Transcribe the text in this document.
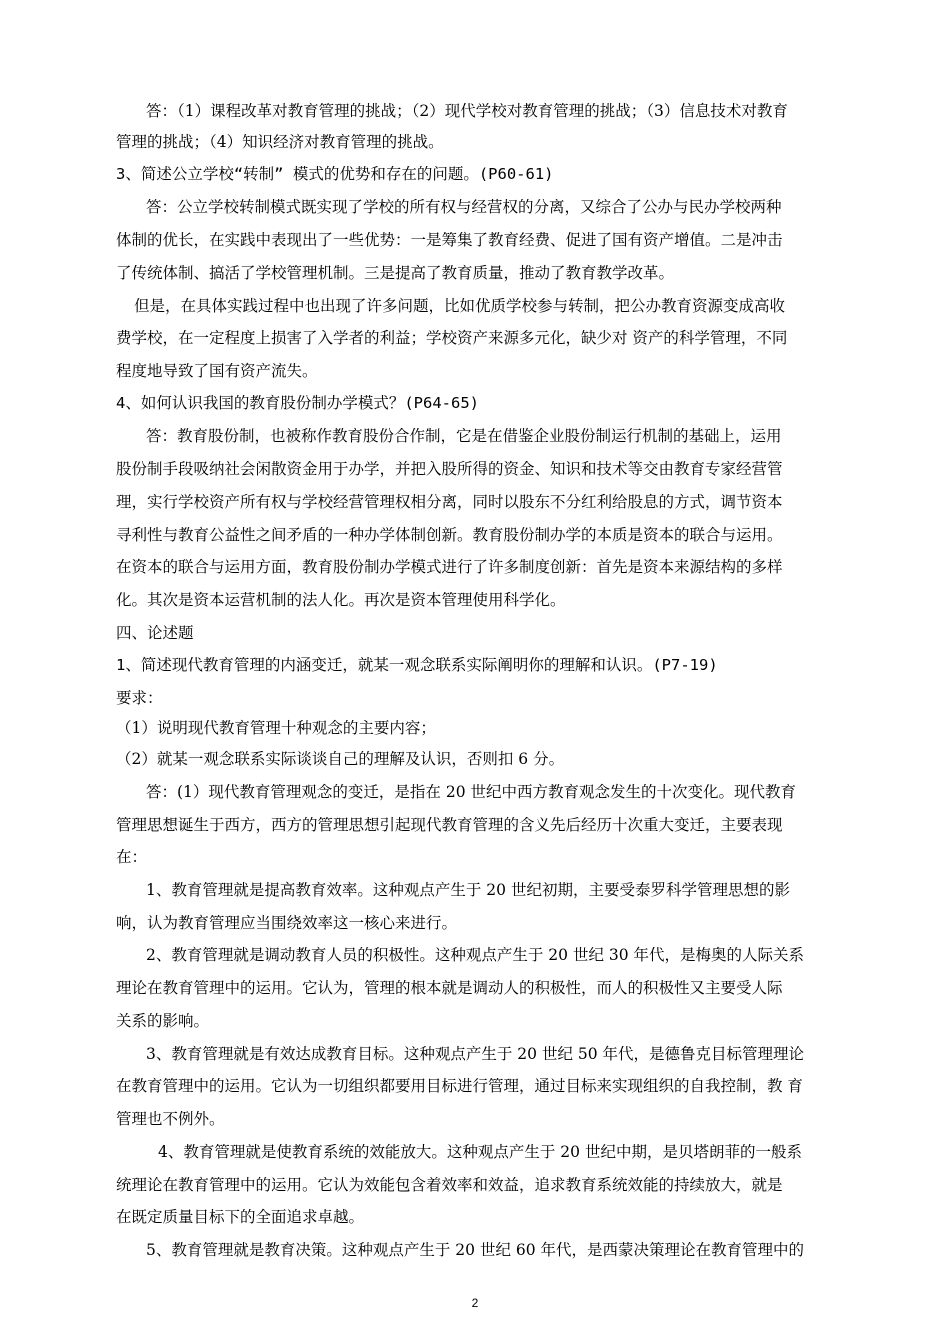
答：（1）课程改革对教育管理的挑战；（2）现代学校对教育管理的挑战；（3）信息技术对教育
管理的挑战；（4）知识经济对教育管理的挑战。
3、简述公立学校“转制” 模式的优势和存在的问题。(P60-61)
答：公立学校转制模式既实现了学校的所有权与经营权的分离，又综合了公办与民办学校两种
体制的优长，在实践中表现出了一些优势：一是筹集了教育经费、促进了国有资产增值。二是冲击
了传统体制、搞活了学校管理机制。三是提高了教育质量，推动了教育教学改革。
但是，在具体实践过程中也出现了许多问题，比如优质学校参与转制，把公办教育资源变成高收
费学校，在一定程度上损害了入学者的利益；学校资产来源多元化，缺少对 资产的科学管理，不同
程度地导致了国有资产流失。
4、如何认识我国的教育股份制办学模式？(P64-65)
答：教育股份制，也被称作教育股份合作制，它是在借鉴企业股份制运行机制的基础上，运用
股份制手段吸纳社会闲散资金用于办学，并把入股所得的资金、知识和技术等交由教育专家经营管
理，实行学校资产所有权与学校经营管理权相分离，同时以股东不分红利给股息的方式，调节资本
寻利性与教育公益性之间矛盾的一种办学体制创新。教育股份制办学的本质是资本的联合与运用。
在资本的联合与运用方面，教育股份制办学模式进行了许多制度创新：首先是资本来源结构的多样
化。其次是资本运营机制的法人化。再次是资本管理使用科学化。
四、论述题
1、简述现代教育管理的内涵变迁，就某一观念联系实际阐明你的理解和认识。(P7-19)
要求：
（1）说明现代教育管理十种观念的主要内容；
（2）就某一观念联系实际谈谈自己的理解及认识，否则扣 6 分。
答：(1）现代教育管理观念的变迁，是指在 20 世纪中西方教育观念发生的十次变化。现代教育
管理思想诞生于西方，西方的管理思想引起现代教育管理的含义先后经历十次重大变迁，主要表现
在：
1、教育管理就是提高教育效率。这种观点产生于 20 世纪初期，主要受泰罗科学管理思想的影
响，认为教育管理应当围绕效率这一核心来进行。
2、教育管理就是调动教育人员的积极性。这种观点产生于 20 世纪 30 年代，是梅奥的人际关系
理论在教育管理中的运用。它认为，管理的根本就是调动人的积极性，而人的积极性又主要受人际
关系的影响。
3、教育管理就是有效达成教育目标。这种观点产生于 20 世纪 50 年代，是德鲁克目标管理理论
在教育管理中的运用。它认为一切组织都要用目标进行管理，通过目标来实现组织的自我控制，教 育
管理也不例外。
4、教育管理就是使教育系统的效能放大。这种观点产生于 20 世纪中期，是贝塔朗菲的一般系
统理论在教育管理中的运用。它认为效能包含着效率和效益，追求教育系统效能的持续放大，就是
在既定质量目标下的全面追求卓越。
5、教育管理就是教育决策。这种观点产生于 20 世纪 60 年代，是西蒙决策理论在教育管理中的
2
